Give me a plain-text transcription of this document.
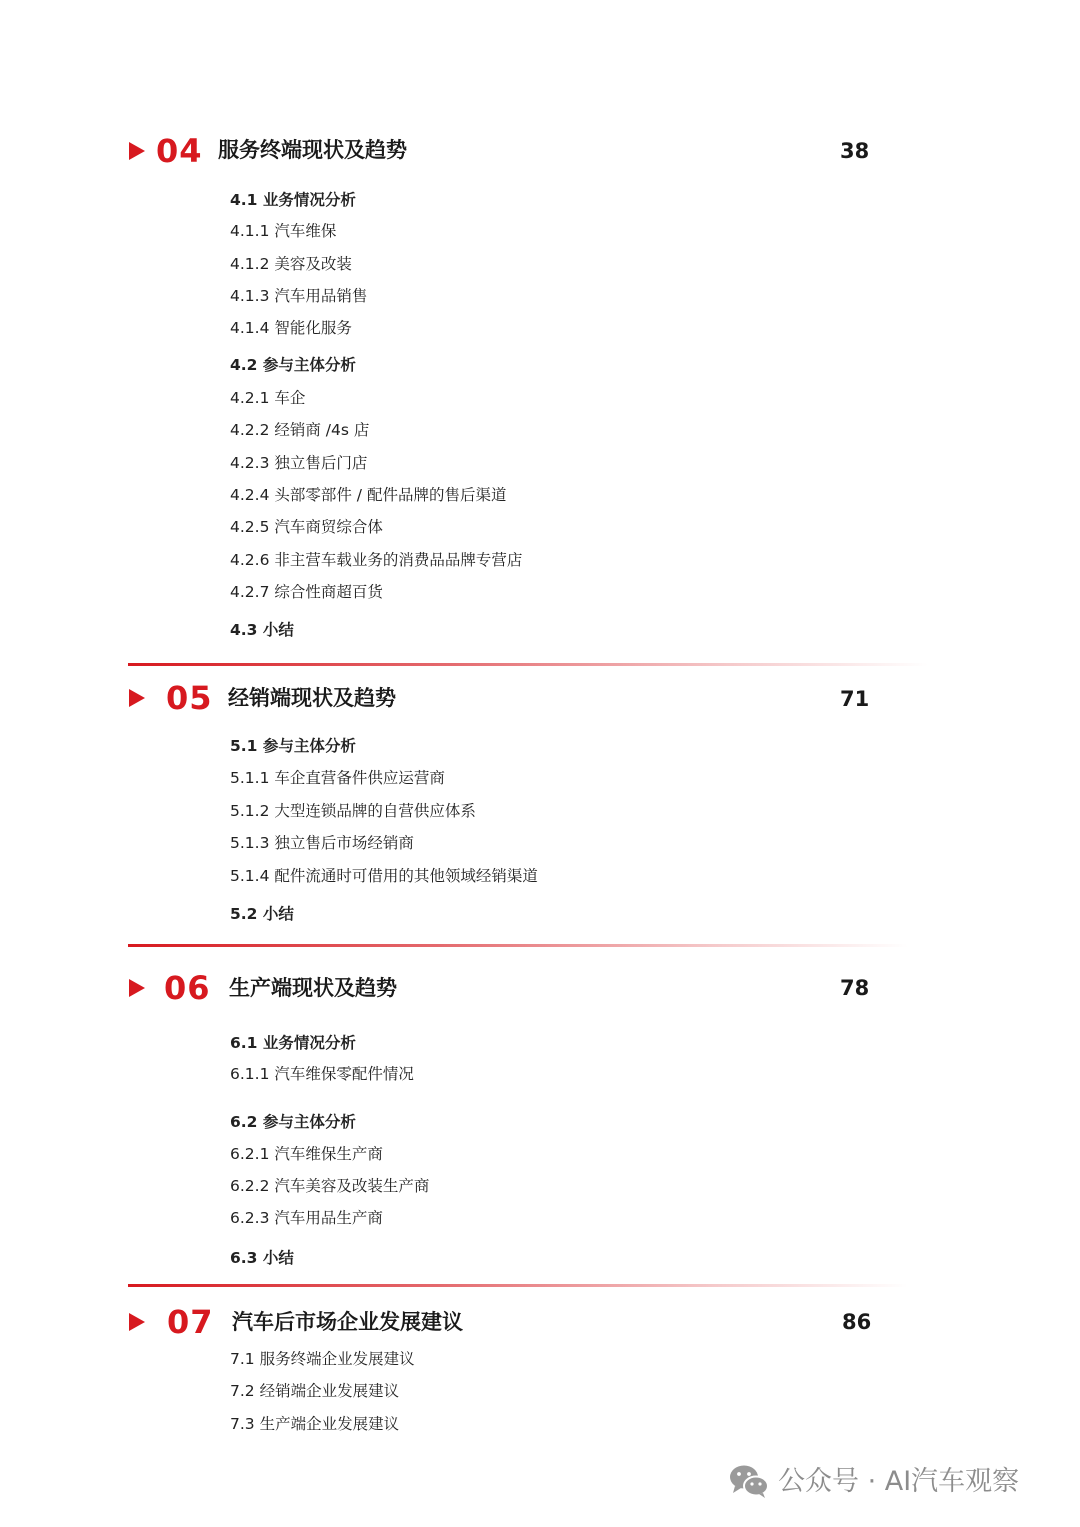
04 服务终端现状及趋势	38
4.1 业务情况分析
4.1.1 汽车维保
4.1.2 美容及改装
4.1.3 汽车用品销售
4.1.4 智能化服务
4.2 参与主体分析
4.2.1 车企
4.2.2 经销商 /4s 店
4.2.3 独立售后门店
4.2.4 头部零部件 / 配件品牌的售后渠道
4.2.5 汽车商贸综合体
4.2.6 非主营车载业务的消费品品牌专营店
4.2.7 综合性商超百货
4.3 小结
05 经销端现状及趋势	71
5.1 参与主体分析
5.1.1 车企直营备件供应运营商
5.1.2 大型连锁品牌的自营供应体系
5.1.3 独立售后市场经销商
5.1.4 配件流通时可借用的其他领域经销渠道
5.2 小结
06 生产端现状及趋势	78
6.1 业务情况分析
6.1.1 汽车维保零配件情况
6.2 参与主体分析
6.2.1 汽车维保生产商
6.2.2 汽车美容及改装生产商
6.2.3 汽车用品生产商
6.3 小结
07 汽车后市场企业发展建议	86
7.1 服务终端企业发展建议
7.2 经销端企业发展建议
7.3 生产端企业发展建议
公众号 · AI汽车观察
